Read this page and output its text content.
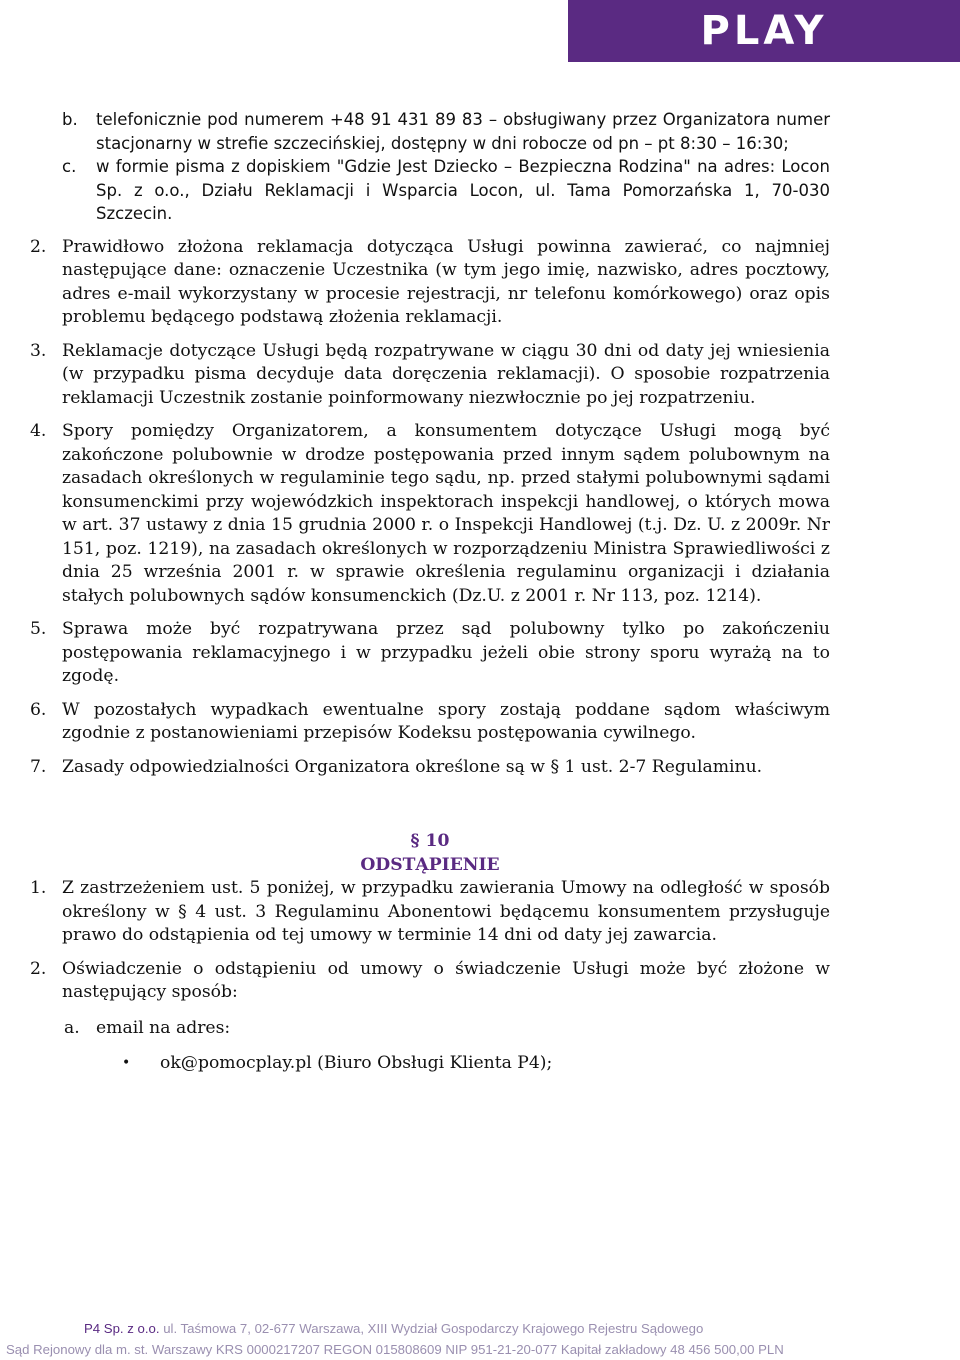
PLAY
b.	telefonicznie pod numerem +48 91 431 89 83 – obsługiwany przez Organizatora numer stacjonarny w strefie szczecińskiej, dostępny w dni robocze od pn – pt 8:30 – 16:30;
c.	w formie pisma z dopiskiem "Gdzie Jest Dziecko – Bezpieczna Rodzina" na adres: Locon Sp. z o.o., Działu Reklamacji i Wsparcia Locon, ul. Tama Pomorzańska 1, 70-030 Szczecin.
2. Prawidłowo złożona reklamacja dotycząca Usługi powinna zawierać, co najmniej następujące dane: oznaczenie Uczestnika (w tym jego imię, nazwisko, adres pocztowy, adres e-mail wykorzystany w procesie rejestracji, nr telefonu komórkowego) oraz opis problemu będącego podstawą złożenia reklamacji.
3. Reklamacje dotyczące Usługi będą rozpatrywane w ciągu 30 dni od daty jej wniesienia (w przypadku pisma decyduje data doręczenia reklamacji). O sposobie rozpatrzenia reklamacji Uczestnik zostanie poinformowany niezwłocznie po jej rozpatrzeniu.
4. Spory pomiędzy Organizatorem, a konsumentem dotyczące Usługi mogą być zakończone polubownie w drodze postępowania przed innym sądem polubownym na zasadach określonych w regulaminie tego sądu, np. przed stałymi polubownymi sądami konsumenckimi przy wojewódzkich inspektorach inspekcji handlowej, o których mowa w art. 37 ustawy z dnia 15 grudnia 2000 r. o Inspekcji Handlowej (t.j. Dz. U. z 2009r. Nr 151, poz. 1219), na zasadach określonych w rozporządzeniu Ministra Sprawiedliwości z dnia 25 września 2001 r. w sprawie określenia regulaminu organizacji i działania stałych polubownych sądów konsumenckich (Dz.U. z 2001 r. Nr 113, poz. 1214).
5. Sprawa może być rozpatrywana przez sąd polubowny tylko po zakończeniu postępowania reklamacyjnego i w przypadku jeżeli obie strony sporu wyrażą na to zgodę.
6. W pozostałych wypadkach ewentualne spory zostają poddane sądom właściwym zgodnie z postanowieniami przepisów Kodeksu postępowania cywilnego.
7. Zasady odpowiedzialności Organizatora określone są w § 1 ust. 2-7 Regulaminu.
§ 10
ODSTĄPIENIE
1. Z zastrzeżeniem ust. 5 poniżej, w przypadku zawierania Umowy na odległość w sposób określony w § 4 ust. 3 Regulaminu Abonentowi będącemu konsumentem przysługuje prawo do odstąpienia od tej umowy w terminie 14 dni od daty jej zawarcia.
2. Oświadczenie o odstąpieniu od umowy o świadczenie Usługi może być złożone w następujący sposób:
a. email na adres:
•	ok@pomocplay.pl (Biuro Obsługi Klienta P4);
P4 Sp. z o.o. ul. Taśmowa 7, 02-677 Warszawa, XIII Wydział Gospodarczy Krajowego Rejestru Sądowego
Sąd Rejonowy dla m. st. Warszawy KRS 0000217207 REGON 015808609 NIP 951-21-20-077 Kapitał zakładowy 48 456 500,00 PLN
